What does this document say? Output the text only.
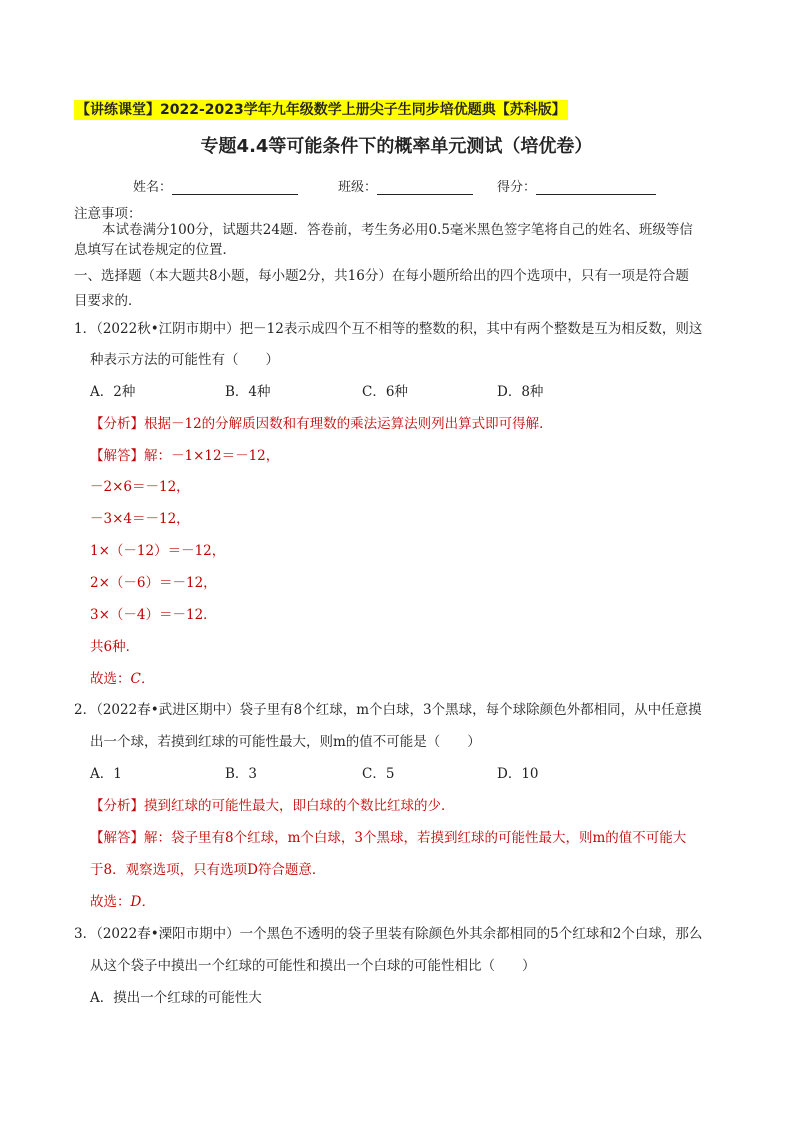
【讲练课堂】2022-2023学年九年级数学上册尖子生同步培优题典【苏科版】
专题4.4等可能条件下的概率单元测试（培优卷）
姓名：	班级：	得分：
注意事项：
本试卷满分100分，试题共24题．答卷前，考生务必用0.5毫米黑色签字笔将自己的姓名、班级等信
息填写在试卷规定的位置．
一、选择题（本大题共8小题，每小题2分，共16分）在每小题所给出的四个选项中，只有一项是符合题
目要求的．
1．（2022秋•江阴市期中）把－12表示成四个互不相等的整数的积，其中有两个整数是互为相反数，则这
种表示方法的可能性有（　　）
A．2种	B．4种	C．6种	D．8种
【分析】根据－12的分解质因数和有理数的乘法运算法则列出算式即可得解．
【解答】解：－1×12＝－12，
－2×6＝－12，
－3×4＝－12，
1×（－12）＝－12，
2×（－6）＝－12，
3×（－4）＝－12．
共6种．
故选：C．
2．（2022春•武进区期中）袋子里有8个红球，m个白球，3个黑球，每个球除颜色外都相同，从中任意摸
出一个球，若摸到红球的可能性最大，则m的值不可能是（　　）
A．1	B．3	C．5	D．10
【分析】摸到红球的可能性最大，即白球的个数比红球的少．
【解答】解：袋子里有8个红球，m个白球，3个黑球，若摸到红球的可能性最大，则m的值不可能大
于8．观察选项，只有选项D符合题意．
故选：D．
3．（2022春•溧阳市期中）一个黑色不透明的袋子里装有除颜色外其余都相同的5个红球和2个白球，那么
从这个袋子中摸出一个红球的可能性和摸出一个白球的可能性相比（　　）
A．摸出一个红球的可能性大
